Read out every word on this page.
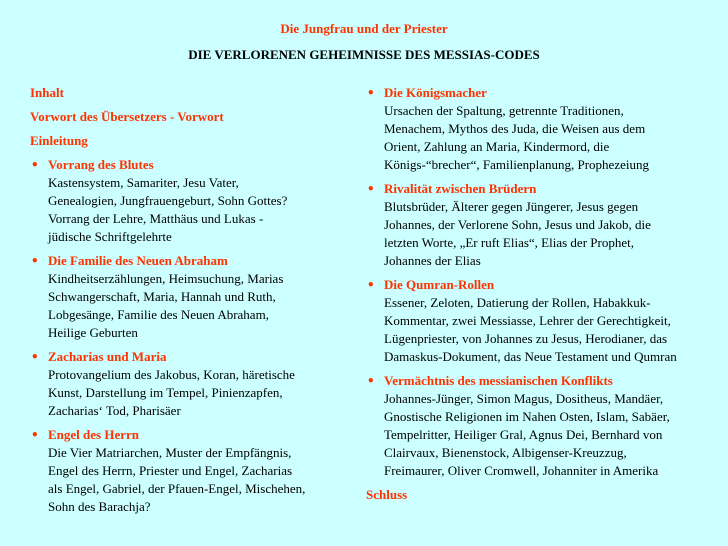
Die Jungfrau und der Priester
DIE VERLORENEN GEHEIMNISSE DES MESSIAS-CODES
Inhalt
Vorwort des Übersetzers - Vorwort
Einleitung
• Vorrang des Blutes
Kastensystem, Samariter, Jesu Vater,
Genealogien, Jungfrauengeburt, Sohn Gottes?
Vorrang der Lehre, Matthäus und Lukas -
jüdische Schriftgelehrte
• Die Familie des Neuen Abraham
Kindheitserzählungen, Heimsuchung, Marias
Schwangerschaft, Maria, Hannah und Ruth,
Lobgesänge, Familie des Neuen Abraham,
Heilige Geburten
• Zacharias und Maria
Protovangelium des Jakobus, Koran, häretische
Kunst, Darstellung im Tempel, Pinienzapfen,
Zacharias‘ Tod, Pharisäer
• Engel des Herrn
Die Vier Matriarchen, Muster der Empfängnis,
Engel des Herrn, Priester und Engel, Zacharias
als Engel, Gabriel, der Pfauen-Engel, Mischehen,
Sohn des Barachja?
• Die Königsmacher
Ursachen der Spaltung, getrennte Traditionen,
Menachem, Mythos des Juda, die Weisen aus dem
Orient, Zahlung an Maria, Kindermord, die
Königs-“brecher“, Familienplanung, Prophezeiung
• Rivalität zwischen Brüdern
Blutsbrüder, Älterer gegen Jüngerer, Jesus gegen
Johannes, der Verlorene Sohn, Jesus und Jakob, die
letzten Worte, „Er ruft Elias“, Elias der Prophet,
Johannes der Elias
• Die Qumran-Rollen
Essener, Zeloten, Datierung der Rollen, Habakkuk-
Kommentar, zwei Messiasse, Lehrer der Gerechtigkeit,
Lügenpriester, von Johannes zu Jesus, Herodianer, das
Damaskus-Dokument, das Neue Testament und Qumran
• Vermächtnis des messianischen Konflikts
Johannes-Jünger, Simon Magus, Dositheus, Mandäer,
Gnostische Religionen im Nahen Osten, Islam, Sabäer,
Tempelritter, Heiliger Gral, Agnus Dei, Bernhard von
Clairvaux, Bienenstock, Albigenser-Kreuzzug,
Freimaurer, Oliver Cromwell, Johanniter in Amerika
Schluss
